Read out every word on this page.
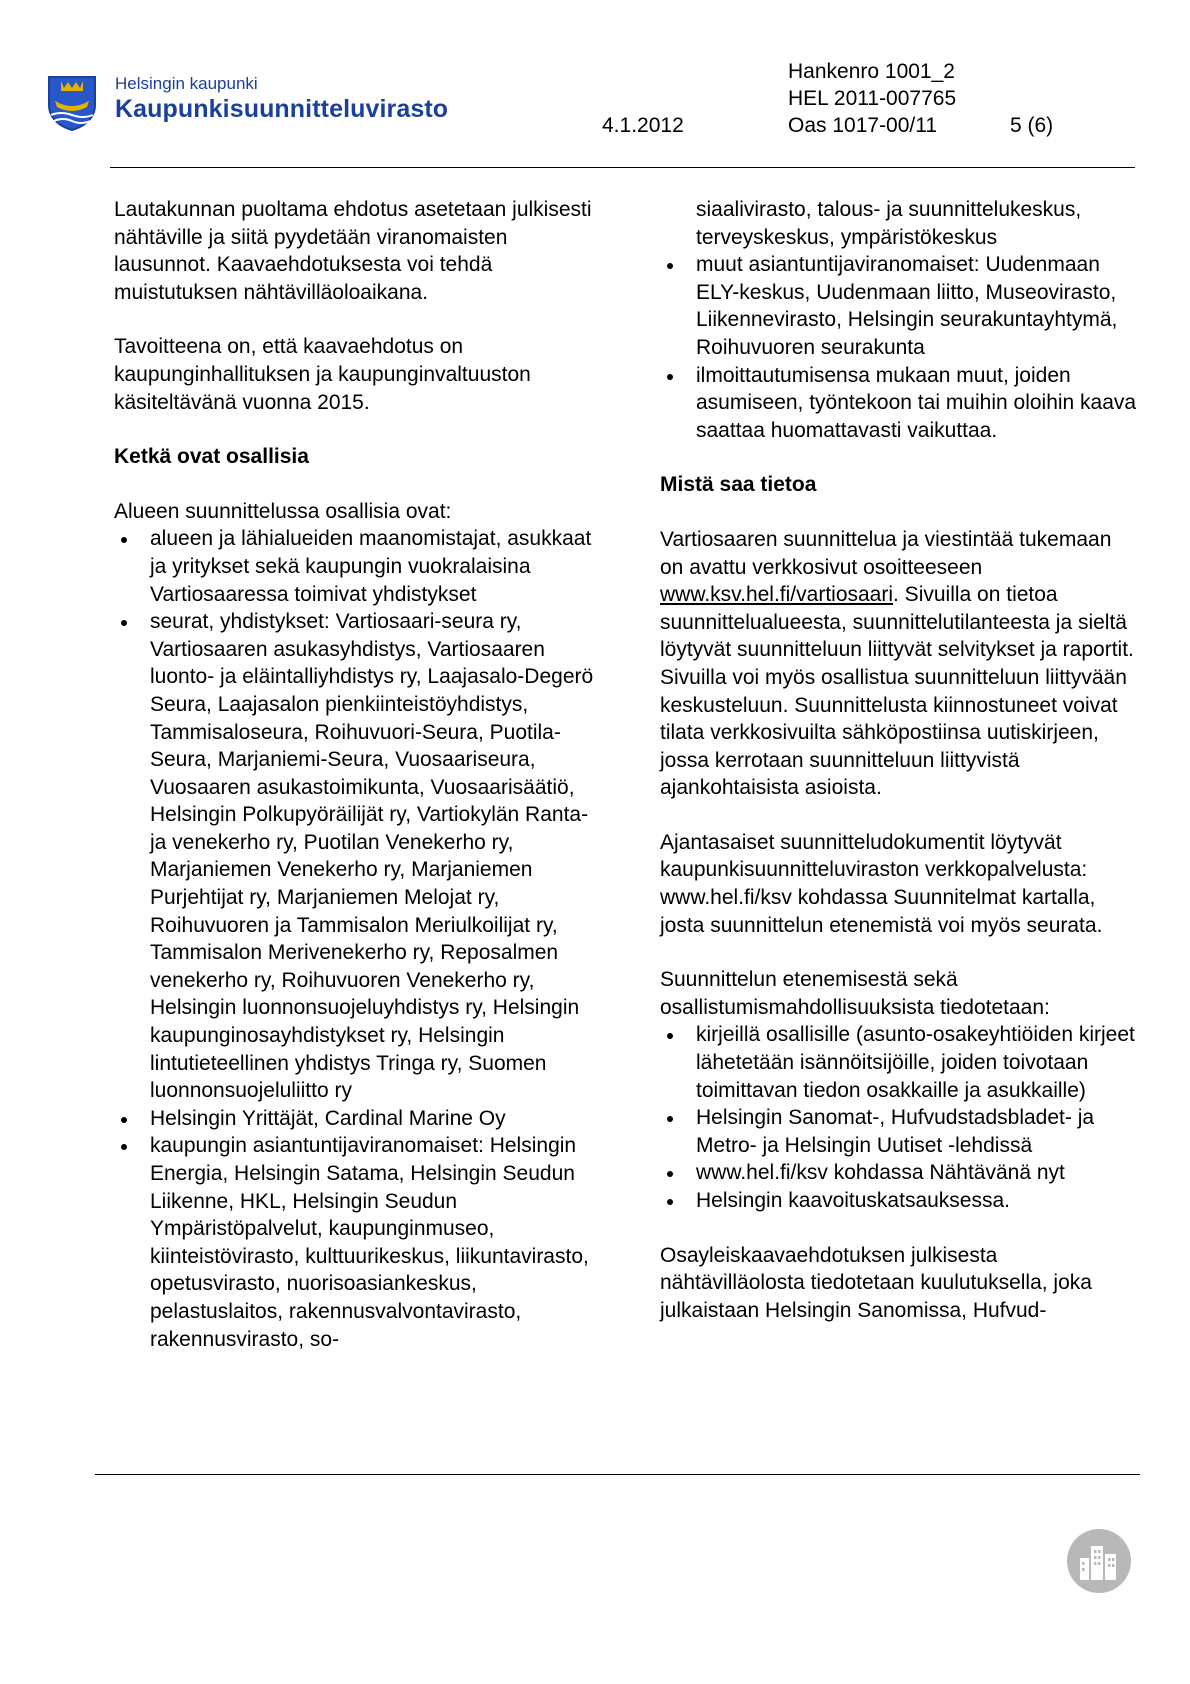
Helsingin kaupunki
Kaupunkisuunnitteluvirasto
4.1.2012
Hankenro 1001_2
HEL 2011-007765
Oas 1017-00/11	5 (6)

Lautakunnan puoltama ehdotus asetetaan julkisesti nähtäville ja siitä pyydetään viranomaisten lausunnot. Kaavaehdotuksesta voi tehdä muistutuksen nähtävilläoloaikana.

Tavoitteena on, että kaavaehdotus on kaupunginhallituksen ja kaupunginvaltuuston käsiteltävänä vuonna 2015.

Ketkä ovat osallisia

Alueen suunnittelussa osallisia ovat:

alueen ja lähialueiden maanomistajat, asukkaat ja yritykset sekä kaupungin vuokralaisina Vartiosaaressa toimivat yhdistykset
seurat, yhdistykset: Vartiosaari-seura ry, Vartiosaaren asukasyhdistys, Vartiosaaren luonto- ja eläintalliyhdistys ry, Laajasalo-Degerö Seura, Laajasalon pienkiinteistöyhdistys, Tammisaloseura, Roihuvuori-Seura, Puotila-Seura, Marjaniemi-Seura, Vuosaariseura, Vuosaaren asukastoimikunta, Vuosaarisäätiö, Helsingin Polkupyöräilijät ry, Vartiokylän Ranta- ja venekerho ry, Puotilan Venekerho ry, Marjaniemen Venekerho ry, Marjaniemen Purjehtijat ry, Marjaniemen Melojat ry, Roihuvuoren ja Tammisalon Meriulkoilijat ry, Tammisalon Merivenekerho ry, Reposalmen venekerho ry, Roihuvuoren Venekerho ry, Helsingin luonnonsuojeluyhdistys ry, Helsingin kaupunginosayhdistykset ry, Helsingin lintutieteellinen yhdistys Tringa ry, Suomen luonnonsuojeluliitto ry
Helsingin Yrittäjät, Cardinal Marine Oy
kaupungin asiantuntijaviranomaiset: Helsingin Energia, Helsingin Satama, Helsingin Seudun Liikenne, HKL, Helsingin Seudun Ympäristöpalvelut, kaupunginmuseo, kiinteistövirasto, kulttuurikeskus, liikuntavirasto, opetusvirasto, nuorisoasiankeskus, pelastuslaitos, rakennusvalvontavirasto, rakennusvirasto, so-
siaalivirasto, talous- ja suunnittelukeskus, terveyskeskus, ympäristökeskus
muut asiantuntijaviranomaiset: Uudenmaan ELY-keskus, Uudenmaan liitto, Museovirasto, Liikennevirasto, Helsingin seurakuntayhtymä, Roihuvuoren seurakunta
ilmoittautumisensa mukaan muut, joiden asumiseen, työntekoon tai muihin oloihin kaava saattaa huomattavasti vaikuttaa.
Mistä saa tietoa

Vartiosaaren suunnittelua ja viestintää tukemaan on avattu verkkosivut osoitteeseen www.ksv.hel.fi/vartiosaari. Sivuilla on tietoa suunnittelualueesta, suunnittelutilanteesta ja sieltä löytyvät suunnitteluun liittyvät selvitykset ja raportit. Sivuilla voi myös osallistua suunnitteluun liittyvään keskusteluun. Suunnittelusta kiinnostuneet voivat tilata verkkosivuilta sähköpostiinsa uutiskirjeen, jossa kerrotaan suunnitteluun liittyvistä ajankohtaisista asioista.

Ajantasaiset suunnitteludokumentit löytyvät kaupunkisuunnitteluviraston verkkopalvelusta: www.hel.fi/ksv kohdassa Suunnitelmat kartalla, josta suunnittelun etenemistä voi myös seurata.

Suunnittelun etenemisestä sekä osallistumismahdollisuuksista tiedotetaan:

kirjeillä osallisille (asunto-osakeyhtiöiden kirjeet lähetetään isännöitsijöille, joiden toivotaan toimittavan tiedon osakkaille ja asukkaille)
Helsingin Sanomat-, Hufvudstadsbladet- ja Metro- ja Helsingin Uutiset -lehdissä
www.hel.fi/ksv kohdassa Nähtävänä nyt
Helsingin kaavoituskatsauksessa.

Osayleiskaavaehdotuksen julkisesta nähtävilläolosta tiedotetaan kuulutuksella, joka julkaistaan Helsingin Sanomissa, Hufvud-
